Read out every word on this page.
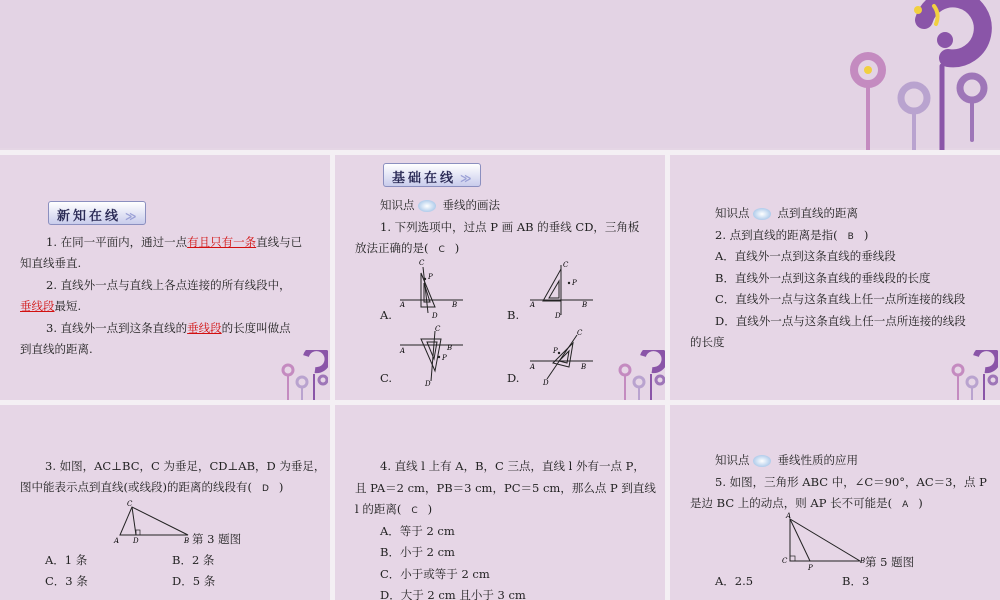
新知在线 ≫
1. 在同一平面内，通过一点有且只有一条直线与已
知直线垂直.
2. 直线外一点与直线上各点连接的所有线段中，
垂线段最短.
3. 直线外一点到这条直线的垂线段的长度叫做点
到直线的距离.
基础在线 ≫
知识点 垂线的画法
1. 下列选项中，过点 P 画 AB 的垂线 CD，三角板
放法正确的是( C )
A.	B.
C.	D.
C
P
A	B
D
C
P
A	B
D
C
P
A	B
D
C
P
A	B
D
知识点 点到直线的距离
2. 点到直线的距离是指( B )
A．直线外一点到这条直线的垂线段
B．直线外一点到这条直线的垂线段的长度
C．直线外一点与这条直线上任一点所连接的线段
D．直线外一点与这条直线上任一点所连接的线段
的长度
3. 如图，AC⊥BC，C 为垂足，CD⊥AB，D 为垂足，
图中能表示点到直线(或线段)的距离的线段有( D )
C
A D	B 第 3 题图
A．1 条	B．2 条
C．3 条	D．5 条
4. 直线 l 上有 A，B，C 三点，直线 l 外有一点 P，
且 PA＝2 cm，PB＝3 cm，PC＝5 cm，那么点 P 到直线
l 的距离( C )
A．等于 2 cm
B．小于 2 cm
C．小于或等于 2 cm
D．大于 2 cm 且小于 3 cm
知识点 垂线性质的应用
5. 如图，三角形 ABC 中，∠C＝90°，AC＝3，点 P
是边 BC 上的动点，则 AP 长不可能是( A )
A
C
P
B 第 5 题图
A．2.5	B．3
